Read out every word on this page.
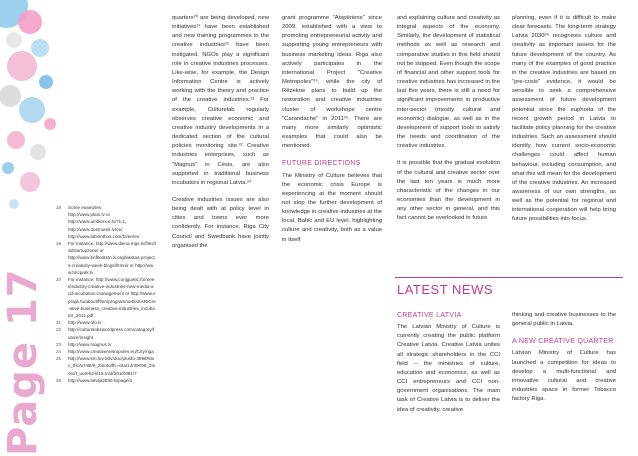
Page 17
18	Some examples:
http://www.plani.lv or
http://www.ambience.lv/?l=1,
http://www.dusmoreli.lv/en/
http://www.labirinthos.com/fo/en/en
19	For instance, http://www.diena.mgs.lv/files/lat/startupzone/ or
http://www.bnfbestsm.lv.org/lakstas-projects-creativity-week-blogs/l/tmnir or http://www.bricpark.lv
20	For instance: http://www.conjguetic.fo/meet/industry-creative-industries-new-media-and-incubation-management or http://www.eprajis.fu/about/ff/en/programmeDaSAR/Cre-ative-business_creative-industries_incubator_2011.pdf
21	http://www.ofo.lv
22	http://culturelabswordpress.com/category/future/insight
23	http://www.magnus.lv
24	http://www.creativemetropoles.eu/City/riga
25	http://www.km.lov.lv/lv/doc/plusfo-3998#doc_tfs/Art-85/9_Zinoto/ffL-iota/14/39#98_Zinoto/t_uoreful-kl18.m/d/2010/881/7
26	http://www.latvija2030.lv/page/1

quarters²⁰ are being developed, new initiatives²¹ have been established and new training programmes in the creative industries²² have been instigated. NGOs play a significant role in creative industries processes. Like-wise, for example, the Design Information Centre is actively working with the theory and practice of the creative industries.²³ For example, Culturelab regularly observes creative economic and creative industry developments in a dedicated section of the cultural policies monitoring site.²² Creative industries enterprises, such as "Magnus" in Césis, are also supported in traditional business incubators in regional Latvia.²⁴

Creative industries issues are also being dealt with at policy level in cities and towns ever more confidently. For instance, Riga City Council and Swedbank have jointly organised the

grant programme "Atspēriens" since 2009, established with a view to promoting entrepreneurial activity and supporting young entrepreneurs with business marketing ideas. Riga also actively participates in the international Project "Creative Metropoles"²⁴, while the city of Rēzekne plans to build up the restoration and creative industries cluster of workshops centre "Carandache" in 2011²⁵. There are many more similarly optimistic examples that could also be mentioned.

FUTURE DIRECTIONS

The Ministry of Culture believes that the economic crisis Europe is experiencing at the moment should not stop the further development of knowledge in creative industries at the local, Baltic and EU level, highlighting culture and creativity, both as a value in itself

and explaining culture and creativity as integral aspects of the economy. Similarly, the development of statistical methods as well as research and comparative studies in this field should not be stopped. Even though the scope of financial and other support tools for creative industries has increased in the last five years, there is still a need for significant improvements in productive inter-sector (mostly cultural and economic) dialogue, as well as in the development of support tools to satisfy the needs and coordination of the creative industries.

It is possible that the gradual evolution of the cultural and creative sector over the last ten years is much more characteristic of the changes in our economies than the development in any other sector in general, and this fact cannot be overlooked in future

planning, even if it is difficult to make clear forecasts. The long-term strategy Latvia 2030²⁶ recognises culture and creativity as important assets for the future development of the country. As many of the examples of good practice in the creative industries are based on "pre-crisis" evidence, it would be sensible to seek a comprehensive assessment of future development potential since the euphoria of the recent growth period in Latvia to facilitate policy planning for the creative industries. Such an assessment should identify how current socio-economic challenges could affect human behaviour, including consumption, and what this will mean for the development of the creative industries. An increased awareness of our own strengths, as well as the potential for regional and international cooperation will help bring future possibilities into focus.

LATEST NEWS
CREATIVE LATVIA

The Latvian Ministry of Culture is currently creating the public platform Creative Latvia. Creative Latvia unites all strategic shareholders in the CCI field – the ministries of culture, education and economics, as well as CCI entrepreneurs and CCI non-government organisations. The main task of Creative Latvia is to deliver the idea of creativity, creative

thinking and creative businesses to the general public in Latvia.

A NEW CREATIVE QUARTER

Latvian Ministry of Culture has launched a competition for ideas to develop a multi-functional and innovative cultural and creative industries space in former Tobacco factory Riga.
